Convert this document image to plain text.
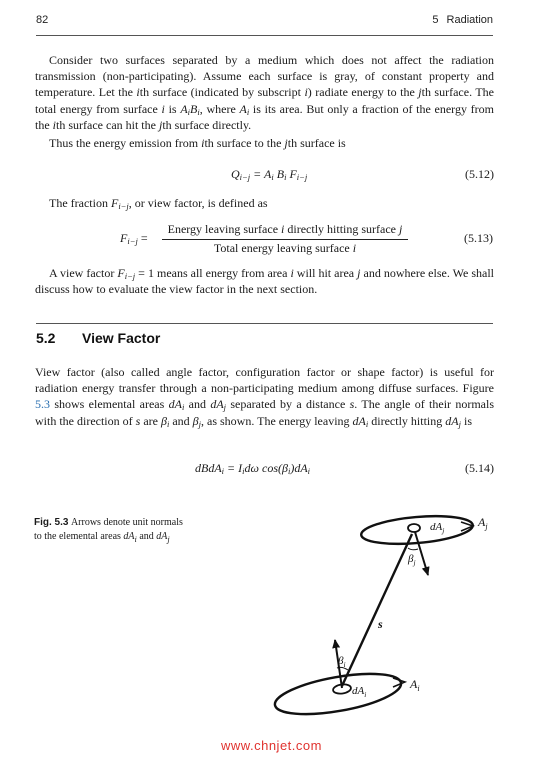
82	5 Radiation

Consider two surfaces separated by a medium which does not affect the radiation transmission (non-participating). Assume each surface is gray, of constant property and temperature. Let the ith surface (indicated by subscript i) radiate energy to the jth surface. The total energy from surface i is $A_iB_i$, where $A_i$ is its area. But only a fraction of the energy from the ith surface can hit the jth surface directly.

Thus the energy emission from ith surface to the jth surface is

$Q_{i-j} = A_i$ $B_i$ $F_{i-j}$	(5.12)

The fraction $F_{i-j}$, or view factor, is defined as

$F_{i-j}$ =
Energy leaving surface i directly hitting surface j
Total energy leaving surface i
(5.13)

A view factor $F_{i-j} = 1$ means all energy from area i will hit area j and nowhere else. We shall discuss how to evaluate the view factor in the next section.

5.2 View Factor

View factor (also called angle factor, configuration factor or shape factor) is useful for radiation energy transfer through a non-participating medium among diffuse surfaces. Figure 5.3 shows elemental areas $dA_i$ and $dA_j$ separated by a distance s. The angle of their normals with the direction of s are $\beta_i$ and $\beta_j$, as shown. The energy leaving $dA_i$ directly hitting $dA_j$ is

dBdA$_i$ = $I_id\omega$ $\cos(\beta_i)dA_i$	(5.14)
Fig. 5.3 Arrows denote unit normals to the elemental areas $dA_i$ and $dA_j$
$dA_j$
$A_j$
$\beta_j$
s
$\beta_i$
$dA_i$
$A_i$
www.chnjet.com
